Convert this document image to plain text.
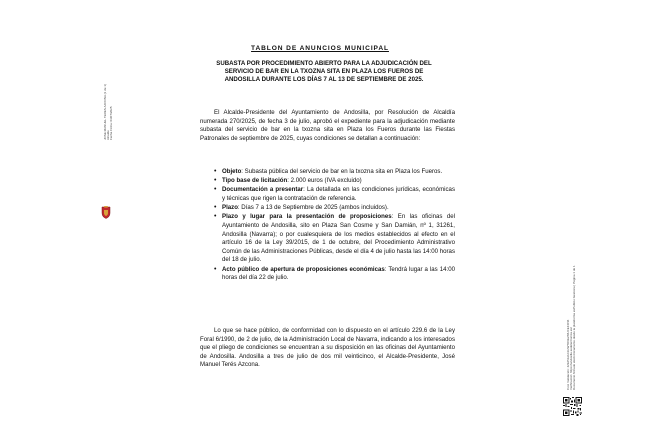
JOSE MANUEL TERES AZCONA (1 de 1) Alcalde Fecha Firma: 03/07/2025
TABLON DE ANUNCIOS MUNICIPAL
SUBASTA POR PROCEDIMIENTO ABIERTO PARA LA ADJUDICACIÓN DEL
SERVICIO DE BAR EN LA TXOZNA SITA EN PLAZA LOS FUEROS DE
ANDOSILLA DURANTE LOS DÍAS 7 AL 13 DE SEPTIEMBRE DE 2025.

El Alcalde-Presidente del Ayuntamiento de Andosilla, por Resolución de Alcaldía numerada 270/2025, de fecha 3 de julio, aprobó el expediente para la adjudicación mediante subasta del servicio de bar en la txozna sita en Plaza los Fueros durante las Fiestas Patronales de septiembre de 2025, cuyas condiciones se detallan a continuación:

• Objeto: Subasta pública del servicio de bar en la txozna sita en Plaza los Fueros.
• Tipo base de licitación: 2.000 euros (IVA excluido)
• Documentación a presentar: La detallada en las condiciones jurídicas, económicas y técnicas que rigen la contratación de referencia.
• Plazo: Días 7 a 13 de Septiembre de 2025 (ambos incluidos).
• Plazo y lugar para la presentación de proposiciones: En las oficinas del Ayuntamiento de Andosilla, sito en Plaza San Cosme y San Damián, nº 1, 31261, Andosilla (Navarra); o por cualesquiera de los medios establecidos al efecto en el artículo 16 de la Ley 39/2015, de 1 de octubre, del Procedimiento Administrativo Común de las Administraciones Públicas, desde el día 4 de julio hasta las 14:00 horas del 18 de julio.
• Acto público de apertura de proposiciones económicas: Tendrá lugar a las 14:00 horas del día 22 de julio.

Lo que se hace público, de conformidad con lo dispuesto en el artículo 229.6 de la Ley Foral 6/1990, de 2 de julio, de la Administración Local de Navarra, indicando a los interesados que el pliego de condiciones se encuentran a su disposición en las oficinas del Ayuntamiento de Andosilla. Andosilla a tres de julio de dos mil veinticinco, el Alcalde-Presidente, José Manuel Terés Azcona.	Cód. Validación: 4ZEP3HAXJHWTD6E2S5JXEFZN6 Verificación: https://andosilla.sedelectronica.es/ Documento firmado electrónicamente desde la plataforma esPublico Gestiona | Página 1 de 1
